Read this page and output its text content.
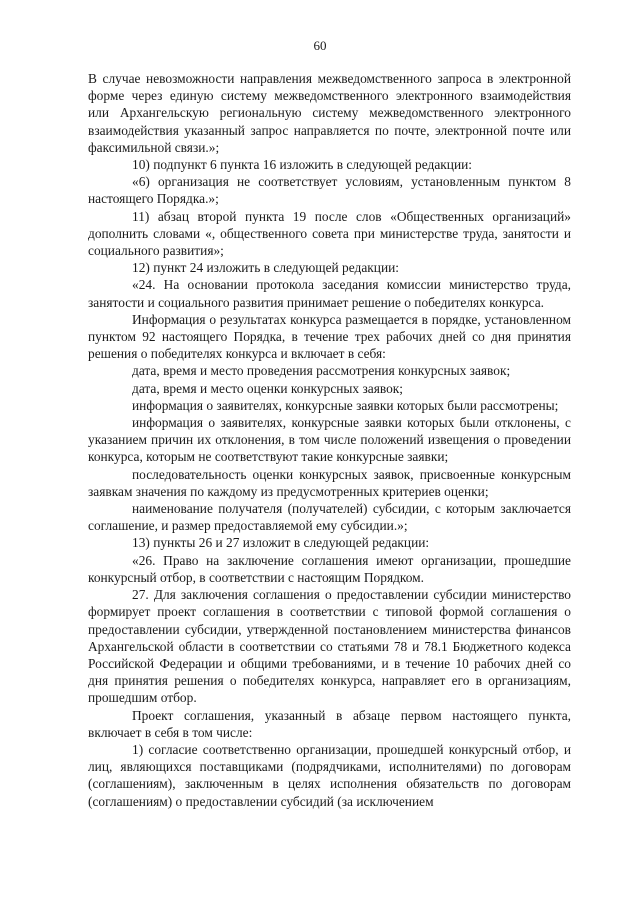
60

В случае невозможности направления межведомственного запроса в электронной форме через единую систему межведомственного электронного взаимодействия или Архангельскую региональную систему межведомственного электронного взаимодействия указанный запрос направляется по почте, электронной почте или факсимильной связи.»;

10) подпункт 6 пункта 16 изложить в следующей редакции:

«6) организация не соответствует условиям, установленным пунктом 8 настоящего Порядка.»;

11) абзац второй пункта 19 после слов «Общественных организаций» дополнить словами «, общественного совета при министерстве труда, занятости и социального развития»;

12) пункт 24 изложить в следующей редакции:

«24. На основании протокола заседания комиссии министерство труда, занятости и социального развития принимает решение о победителях конкурса.

Информация о результатах конкурса размещается в порядке, установленном пунктом 92 настоящего Порядка, в течение трех рабочих дней со дня принятия решения о победителях конкурса и включает в себя:

дата, время и место проведения рассмотрения конкурсных заявок;

дата, время и место оценки конкурсных заявок;

информация о заявителях, конкурсные заявки которых были рассмотрены;

информация о заявителях, конкурсные заявки которых были отклонены, с указанием причин их отклонения, в том числе положений извещения о проведении конкурса, которым не соответствуют такие конкурсные заявки;

последовательность оценки конкурсных заявок, присвоенные конкурсным заявкам значения по каждому из предусмотренных критериев оценки;

наименование получателя (получателей) субсидии, с которым заключается соглашение, и размер предоставляемой ему субсидии.»;

13) пункты 26 и 27 изложит в следующей редакции:

«26. Право на заключение соглашения имеют организации, прошедшие конкурсный отбор, в соответствии с настоящим Порядком.

27. Для заключения соглашения о предоставлении субсидии министерство формирует проект соглашения в соответствии с типовой формой соглашения о предоставлении субсидии, утвержденной постановлением министерства финансов Архангельской области в соответствии со статьями 78 и 78.1 Бюджетного кодекса Российской Федерации и общими требованиями, и в течение 10 рабочих дней со дня принятия решения о победителях конкурса, направляет его в организациям, прошедшим отбор.

Проект соглашения, указанный в абзаце первом настоящего пункта, включает в себя в том числе:

1) согласие соответственно организации, прошедшей конкурсный отбор, и лиц, являющихся поставщиками (подрядчиками, исполнителями) по договорам (соглашениям), заключенным в целях исполнения обязательств по договорам (соглашениям) о предоставлении субсидий (за исключением
